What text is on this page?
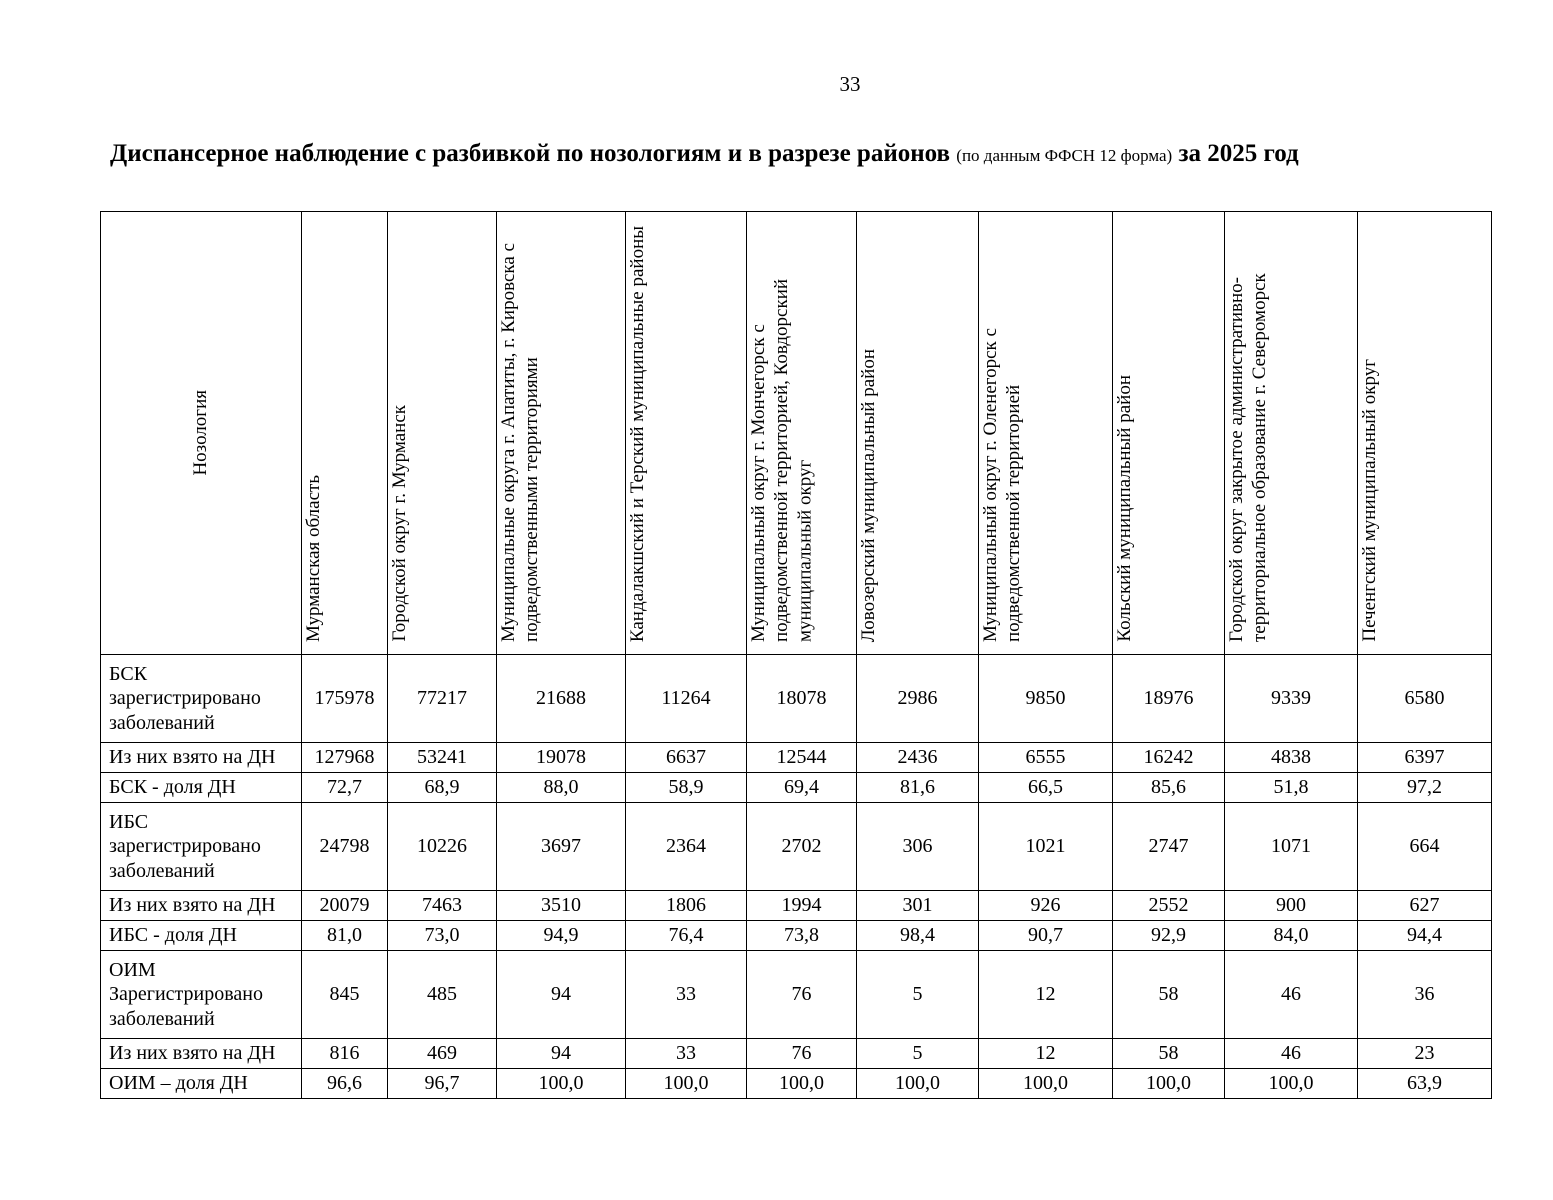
33
Диспансерное наблюдение с разбивкой по нозологиям и в разрезе районов (по данным ФФСН 12 форма) за 2025 год
Нозология	Мурманская область	Городской округ г. Мурманск	Муниципальные округа г. Апатиты, г. Кировска с подведомственными территориями	Кандалакшский и Терский муниципальные районы	Муниципальный округ г. Мончегорск с подведомственной территорией, Ковдорский муниципальный округ	Ловозерский муниципальный район	Муниципальный округ г. Оленегорск с подведомственной территорией	Кольский муниципальный район	Городской округ закрытое административно-территориальное образование г. Североморск	Печенгский муниципальный округ

БСК зарегистрировано заболеваний	175978	77217	21688	11264	18078	2986	9850	18976	9339	6580
Из них взято на ДН	127968	53241	19078	6637	12544	2436	6555	16242	4838	6397
БСК - доля ДН	72,7	68,9	88,0	58,9	69,4	81,6	66,5	85,6	51,8	97,2
ИБС зарегистрировано заболеваний	24798	10226	3697	2364	2702	306	1021	2747	1071	664
Из них взято на ДН	20079	7463	3510	1806	1994	301	926	2552	900	627
ИБС - доля ДН	81,0	73,0	94,9	76,4	73,8	98,4	90,7	92,9	84,0	94,4
ОИМ Зарегистрировано заболеваний	845	485	94	33	76	5	12	58	46	36
Из них взято на ДН	816	469	94	33	76	5	12	58	46	23
ОИМ – доля ДН	96,6	96,7	100,0	100,0	100,0	100,0	100,0	100,0	100,0	63,9
